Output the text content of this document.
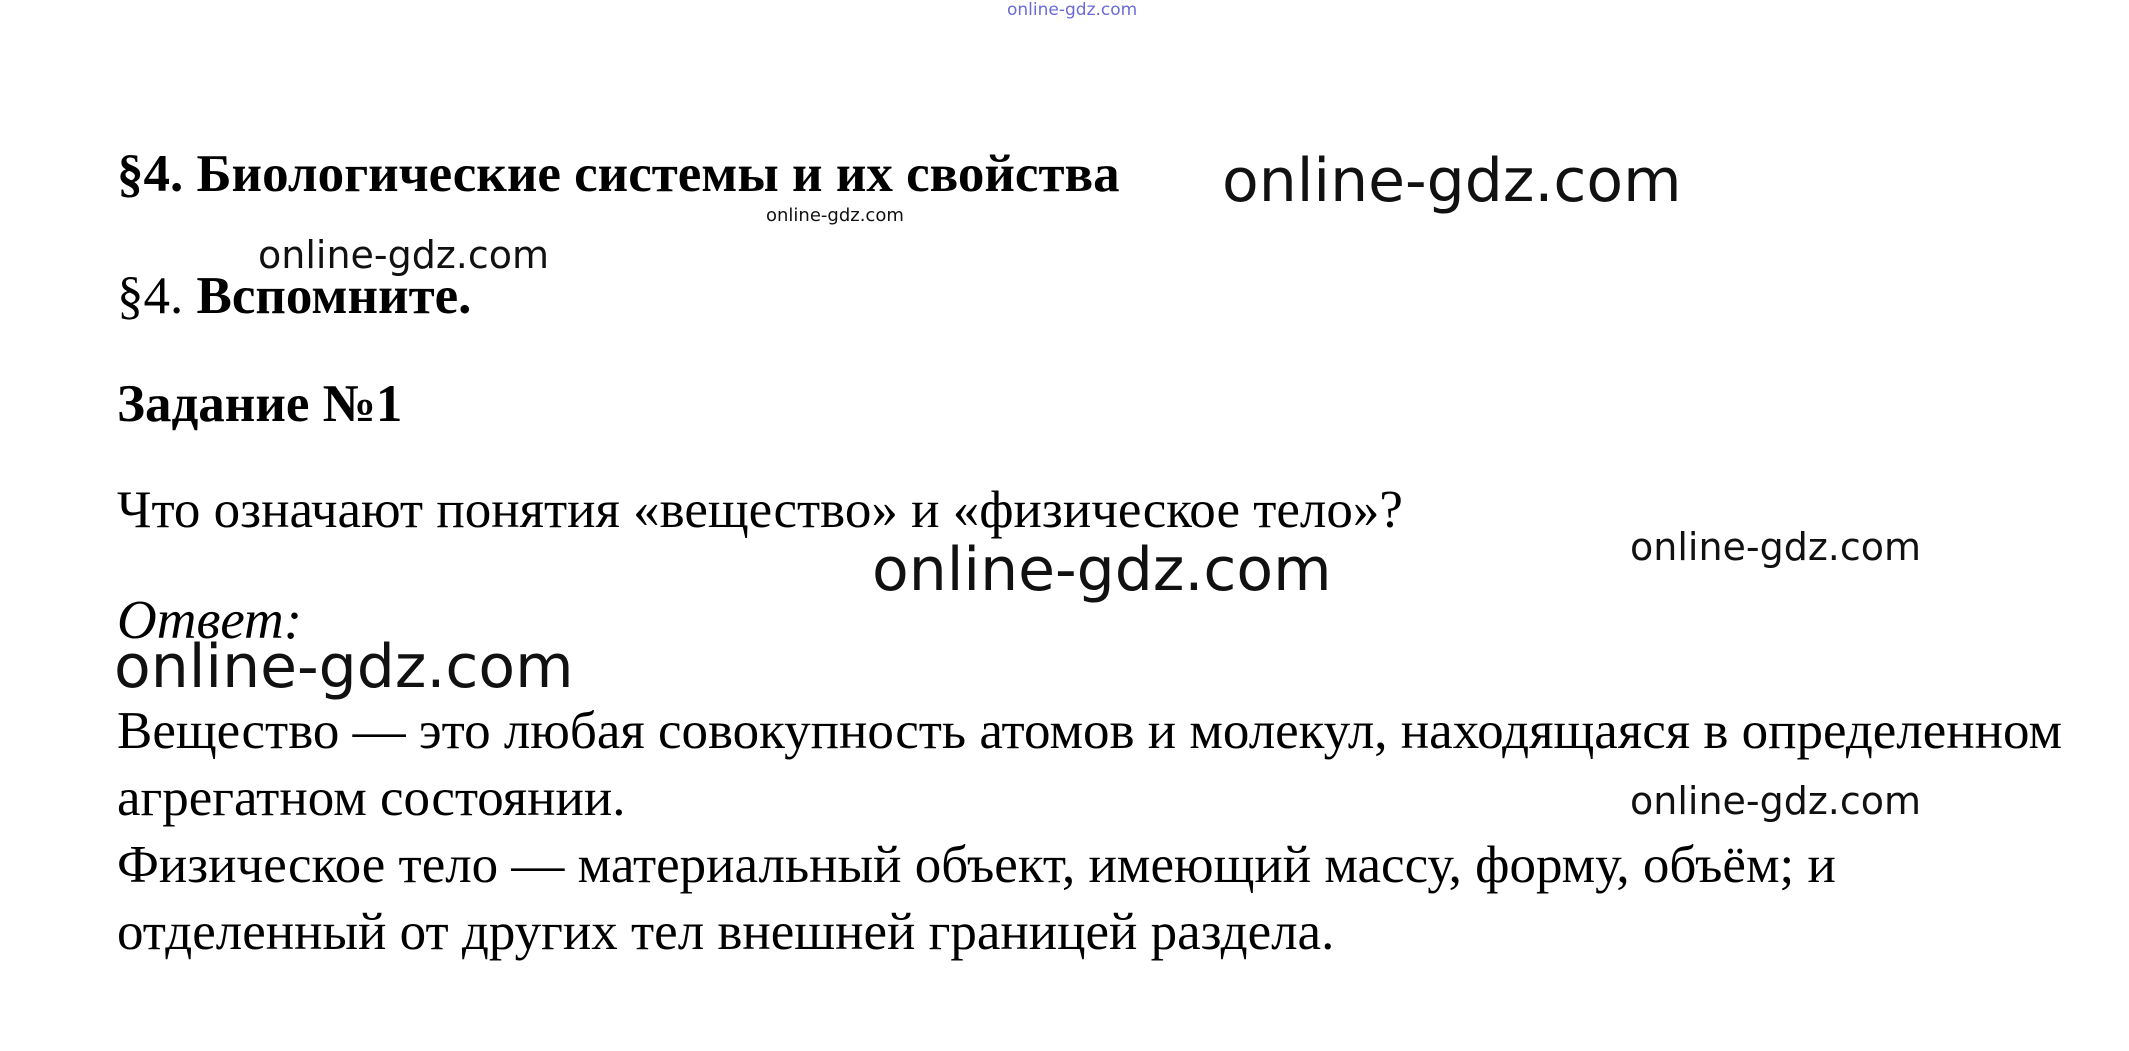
online-gdz.com
§4. Биологические системы и их свойства
§4. Вспомните.
Задание №1
Что означают понятия «вещество» и «физическое тело»?
Ответ:

Вещество — это любая совокупность атомов и молекул, находящаяся в определенном агрегатном состоянии.

Физическое тело — материальный объект, имеющий массу, форму, объём; и отделенный от других тел внешней границей раздела.

online-gdz.com
online-gdz.com
online-gdz.com
online-gdz.com	online-gdz.com
online-gdz.com
online-gdz.com
